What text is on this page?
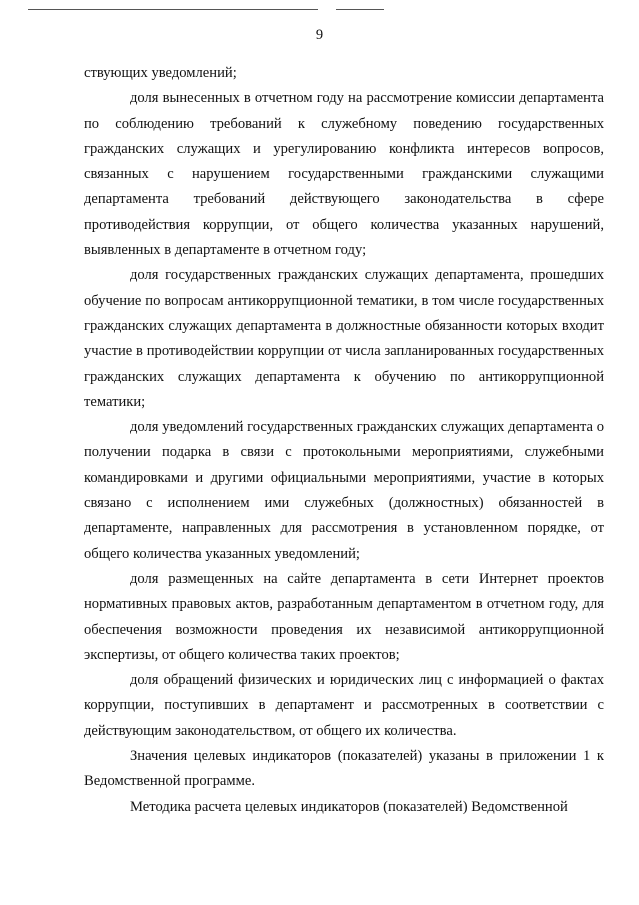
9

ствующих уведомлений;

доля вынесенных в отчетном году на рассмотрение комиссии департамента по соблюдению требований к служебному поведению государственных гражданских служащих и урегулированию конфликта интересов вопросов, связанных с нарушением государственными гражданскими служащими департамента требований действующего законодательства в сфере противодействия коррупции, от общего количества указанных нарушений, выявленных в департаменте в отчетном году;

доля государственных гражданских служащих департамента, прошедших обучение по вопросам антикоррупционной тематики, в том числе государственных гражданских служащих департамента в должностные обязанности которых входит участие в противодействии коррупции от числа запланированных государственных гражданских служащих департамента к обучению по антикоррупционной тематики;

доля уведомлений государственных гражданских служащих департамента о получении подарка в связи с протокольными мероприятиями, служебными командировками и другими официальными мероприятиями, участие в которых связано с исполнением ими служебных (должностных) обязанностей в департаменте, направленных для рассмотрения в установленном порядке, от общего количества указанных уведомлений;

доля размещенных на сайте департамента в сети Интернет проектов нормативных правовых актов, разработанным департаментом в отчетном году, для обеспечения возможности проведения их независимой антикоррупционной экспертизы, от общего количества таких проектов;

доля обращений физических и юридических лиц с информацией о фактах коррупции, поступивших в департамент и рассмотренных в соответствии с действующим законодательством, от общего их количества.

Значения целевых индикаторов (показателей) указаны в приложении 1 к Ведомственной программе.

Методика расчета целевых индикаторов (показателей) Ведомственной
